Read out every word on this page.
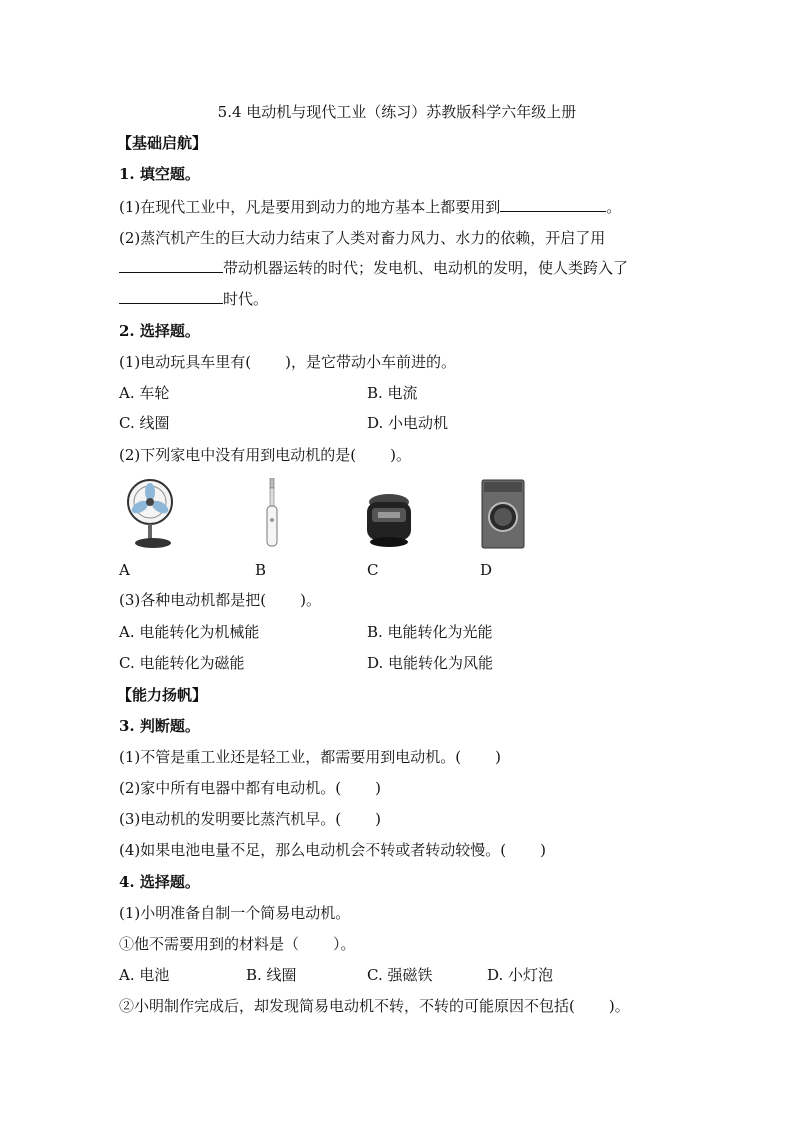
5.4 电动机与现代工业（练习）苏教版科学六年级上册
【基础启航】
1. 填空题。
(1)在现代工业中，凡是要用到动力的地方基本上都要用到	。
(2)蒸汽机产生的巨大动力结束了人类对畜力风力、水力的依赖，开启了用
带动机器运转的时代；发电机、电动机的发明，使人类跨入了
时代。
2. 选择题。
(1)电动玩具车里有( )，是它带动小车前进的。
A. 车轮	B. 电流
C. 线圈	D. 小电动机
(2)下列家电中没有用到电动机的是( )。
A	B	C	D
(3)各种电动机都是把( )。
A. 电能转化为机械能	B. 电能转化为光能
C. 电能转化为磁能	D. 电能转化为风能
【能力扬帆】
3. 判断题。
(1)不管是重工业还是轻工业，都需要用到电动机。( )
(2)家中所有电器中都有电动机。( )
(3)电动机的发明要比蒸汽机早。( )
(4)如果电池电量不足，那么电动机会不转或者转动较慢。( )
4. 选择题。
(1)小明准备自制一个简易电动机。
①他不需要用到的材料是（ ）。
A. 电池	B. 线圈	C. 强磁铁	D. 小灯泡
②小明制作完成后，却发现简易电动机不转，不转的可能原因不包括( )。
